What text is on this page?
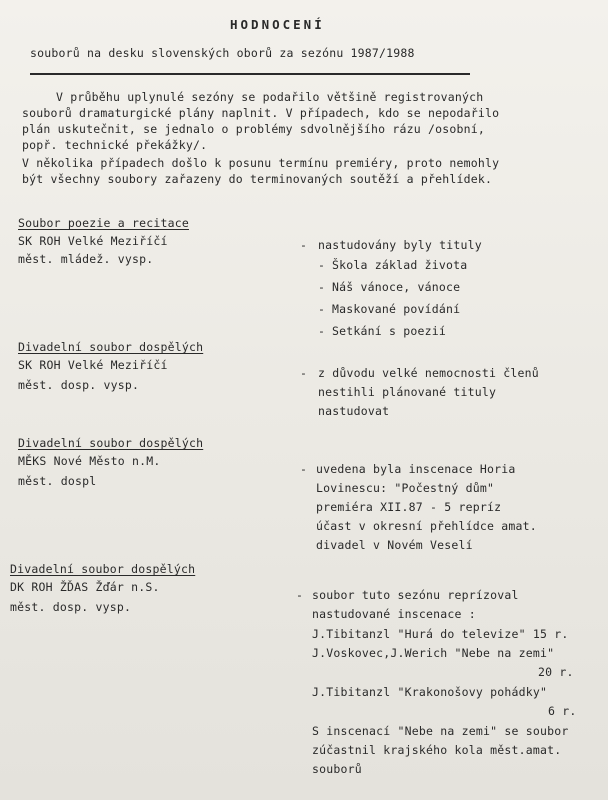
HODNOCENÍ
souborů na desku slovenských oborů za sezónu 1987/1988
V průběhu uplynulé sezóny se podařilo většině registrovaných
souborů dramaturgické plány naplnit. V případech, kdo se nepodařilo
plán uskutečnit, se jednalo o problémy sdvolnějšího rázu /osobní,
popř. technické překážky/.
V několika případech došlo k posunu termínu premiéry, proto nemohly
být všechny soubory zařazeny do terminovaných soutěží a přehlídek.
Soubor poezie a recitace
SK ROH Velké Meziříčí
měst. mládež. vysp.
- nastudovány byly tituly
- Škola základ života
- Náš vánoce, vánoce
- Maskované povídání
- Setkání s poezií
Divadelní soubor dospělých
SK ROH Velké Meziříčí
měst. dosp. vysp.
- z důvodu velké nemocnosti členů
nestihli plánované tituly
nastudovat
Divadelní soubor dospělých
MĚKS Nové Město n.M.
měst. dospl
- uvedena byla inscenace Horia
Lovinescu: "Počestný dům"
premiéra XII.87 - 5 repríz
účast v okresní přehlídce amat.
divadel v Novém Veselí
Divadelní soubor dospělých
DK ROH ŽĎAS Žďár n.S.
měst. dosp. vysp.
- soubor tuto sezónu reprízoval
nastudované inscenace :
J.Tibitanzl "Hurá do televize" 15 r.
J.Voskovec,J.Werich "Nebe na zemi"
20 r.
J.Tibitanzl "Krakonošovy pohádky"
6 r.
S inscenací "Nebe na zemi" se soubor
zúčastnil krajského kola měst.amat.
souborů
